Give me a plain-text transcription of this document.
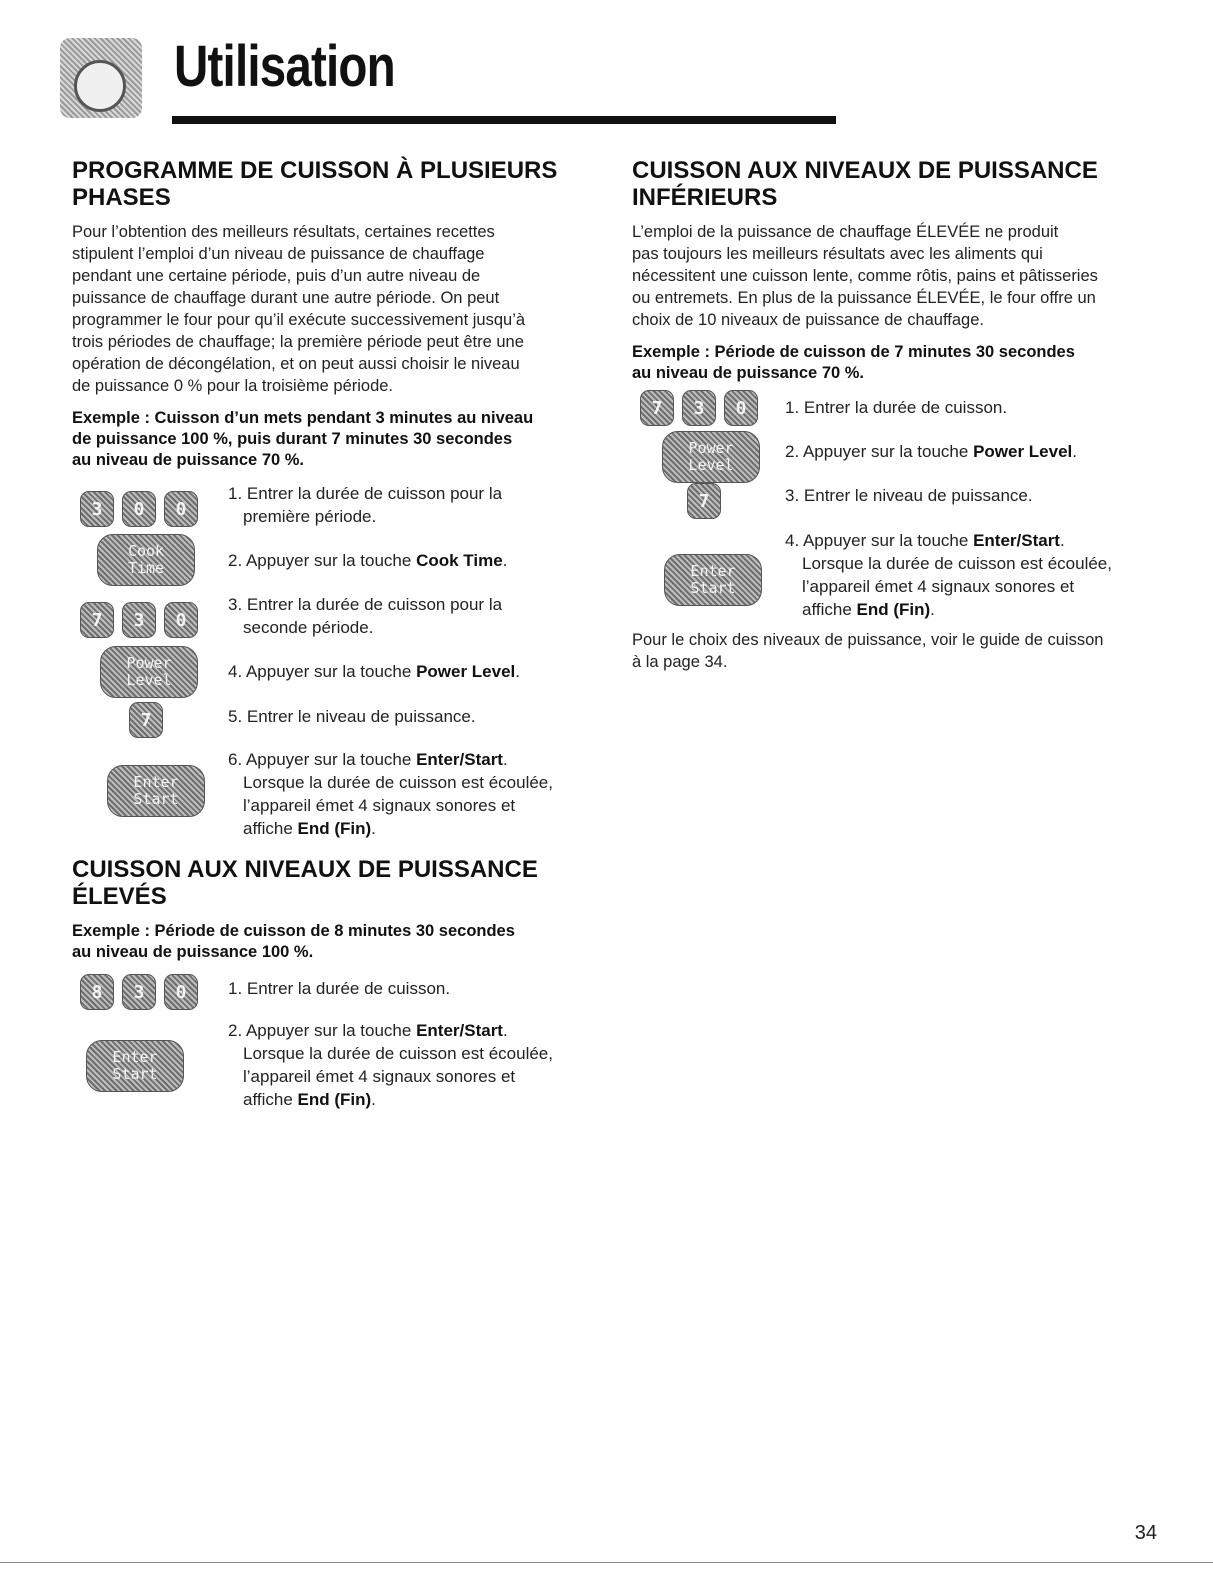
Utilisation
PROGRAMME DE CUISSON À PLUSIEURS
PHASES
Pour l’obtention des meilleurs résultats, certaines recettes
stipulent l’emploi d’un niveau de puissance de chauffage
pendant une certaine période, puis d’un autre niveau de
puissance de chauffage durant une autre période. On peut
programmer le four pour qu’il exécute successivement jusqu’à
trois périodes de chauffage; la première période peut être une
opération de décongélation, et on peut aussi choisir le niveau
de puissance 0 % pour la troisième période.
Exemple : Cuisson d’un mets pendant 3 minutes au niveau
de puissance 100 %, puis durant 7 minutes 30 secondes
au niveau de puissance 70 %.
3	0	0
1. Entrer la durée de cuisson pour la
première période.
Cook
Time	2. Appuyer sur la touche Cook Time.
7	3	0
3. Entrer la durée de cuisson pour la
seconde période.
Power
Level	4. Appuyer sur la touche Power Level.
7	5. Entrer le niveau de puissance.
Enter
Start
6. Appuyer sur la touche Enter/Start.
Lorsque la durée de cuisson est écoulée,
l’appareil émet 4 signaux sonores et
affiche End (Fin).
CUISSON AUX NIVEAUX DE PUISSANCE
ÉLEVÉS
Exemple : Période de cuisson de 8 minutes 30 secondes
au niveau de puissance 100 %.
8	3	0	1. Entrer la durée de cuisson.
Enter
Start
2. Appuyer sur la touche Enter/Start.
Lorsque la durée de cuisson est écoulée,
l’appareil émet 4 signaux sonores et
affiche End (Fin).
CUISSON AUX NIVEAUX DE PUISSANCE
INFÉRIEURS
L’emploi de la puissance de chauffage ÉLEVÉE ne produit
pas toujours les meilleurs résultats avec les aliments qui
nécessitent une cuisson lente, comme rôtis, pains et pâtisseries
ou entremets. En plus de la puissance ÉLEVÉE, le four offre un
choix de 10 niveaux de puissance de chauffage.
Exemple : Période de cuisson de 7 minutes 30 secondes
au niveau de puissance 70 %.
7	3	0	1. Entrer la durée de cuisson.
Power
Level
2. Appuyer sur la touche Power Level.
7	3. Entrer le niveau de puissance.
Enter
Start
4. Appuyer sur la touche Enter/Start.
Lorsque la durée de cuisson est écoulée,
l’appareil émet 4 signaux sonores et
affiche End (Fin).
Pour le choix des niveaux de puissance, voir le guide de cuisson
à la page 34.
34
